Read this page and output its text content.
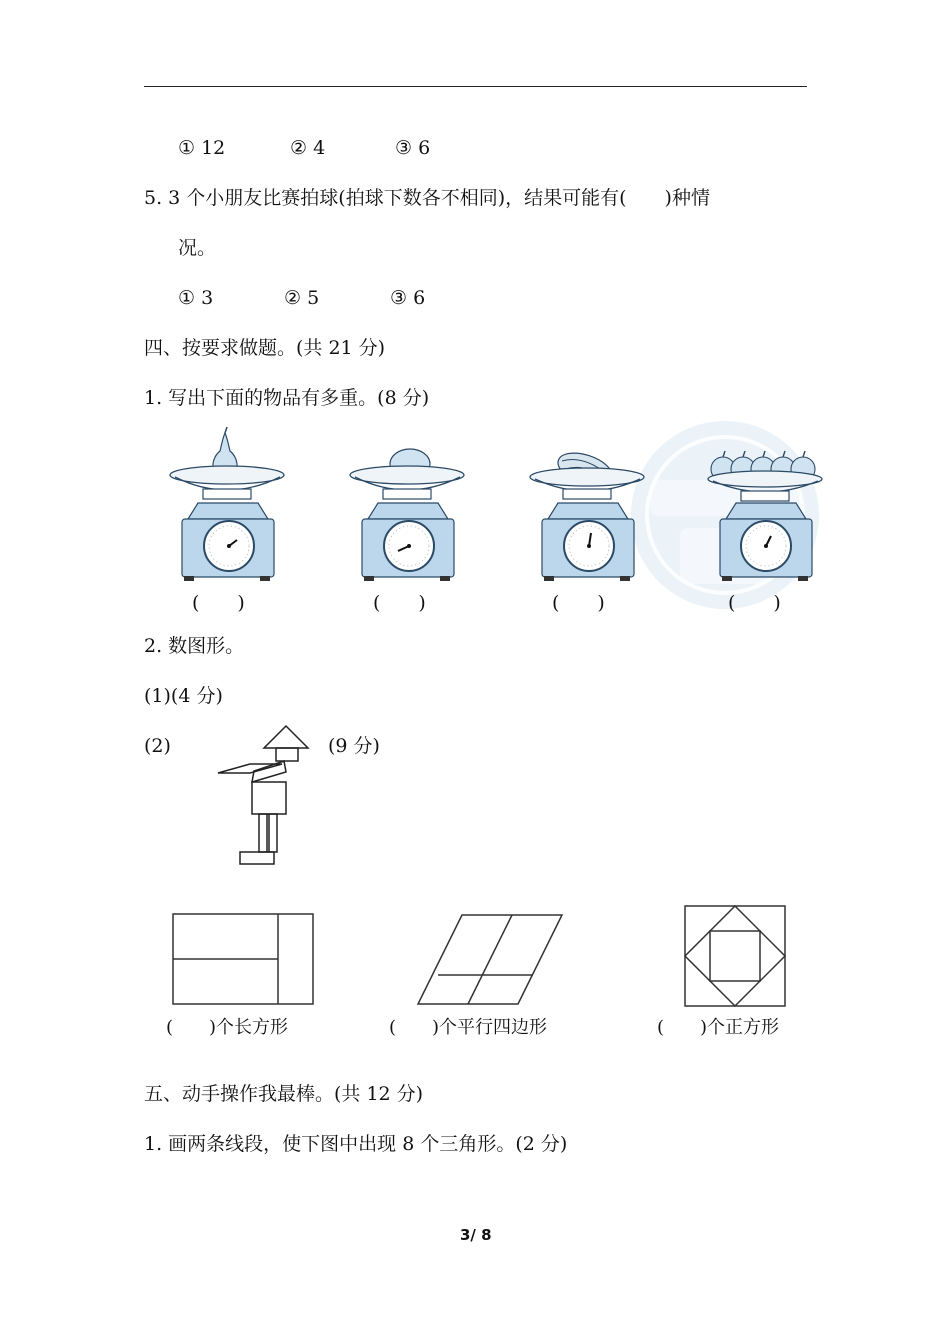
① 12	② 4	③ 6
5. 3 个小朋友比赛拍球(拍球下数各不相同)，结果可能有(　　)种情
况。
① 3	② 5	③ 6
四、按要求做题。(共 21 分)
1. 写出下面的物品有多重。(8 分)
(　　)	(　　)	(　　)	(　　)
2. 数图形。
(1)(4 分)
(2)	(9 分)
(　　)个长方形	(　　)个平行四边形	(　　)个正方形
五、动手操作我最棒。(共 12 分)
1. 画两条线段，使下图中出现 8 个三角形。(2 分)
3/ 8
